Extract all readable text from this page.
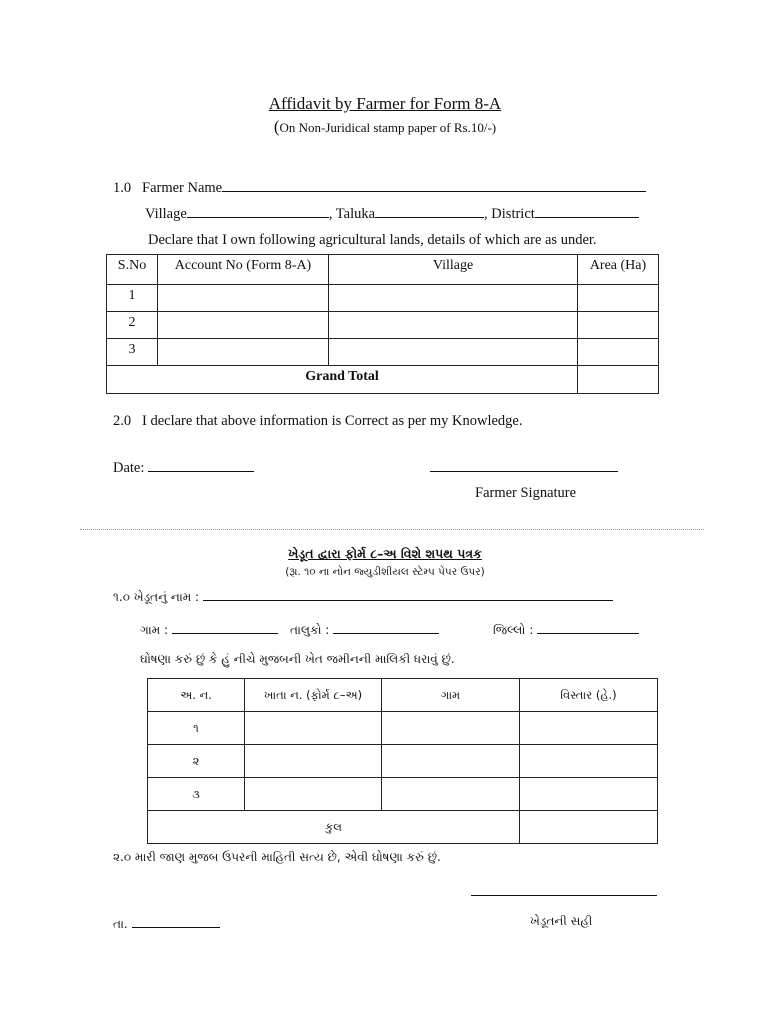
Affidavit by Farmer for Form 8-A
(On Non-Juridical stamp paper of Rs.10/-)
1.0 Farmer Name
Village	, Taluka	, District
Declare that I own following agricultural lands, details of which are as under.
S.No	Account No (Form 8-A)	Village	Area (Ha)
1			
2			
3			
Grand Total			
2.0 I declare that above information is Correct as per my Knowledge.
Date:
Farmer Signature
ખેડૂત દ્વારા ફોર્મ ૮–અ વિશે શપથ પત્રક
(રૂા. ૧૦ ના નોન જ્યુડીશીયલ સ્ટેમ્પ પેપર ઉપર)
૧.૦ ખેડૂતનું નામ :
ગામ :	તાલુકો :	જિલ્લો :
ઘોષણા કરું છું કે હું નીચે મુજબની ખેત જમીનની માલિકી ધરાવું છું.
અ. ન.	ખાતા ન. (ફોર્મ ૮–અ)	ગામ	વિસ્તાર (હે.)
૧			
૨			
૩			
કુલ			
૨.૦ મારી જાણ મુજબ ઉપરની માહિતી સત્ય છે, એવી ઘોષણા કરું છું.
તા.	ખેડૂતની સહી
